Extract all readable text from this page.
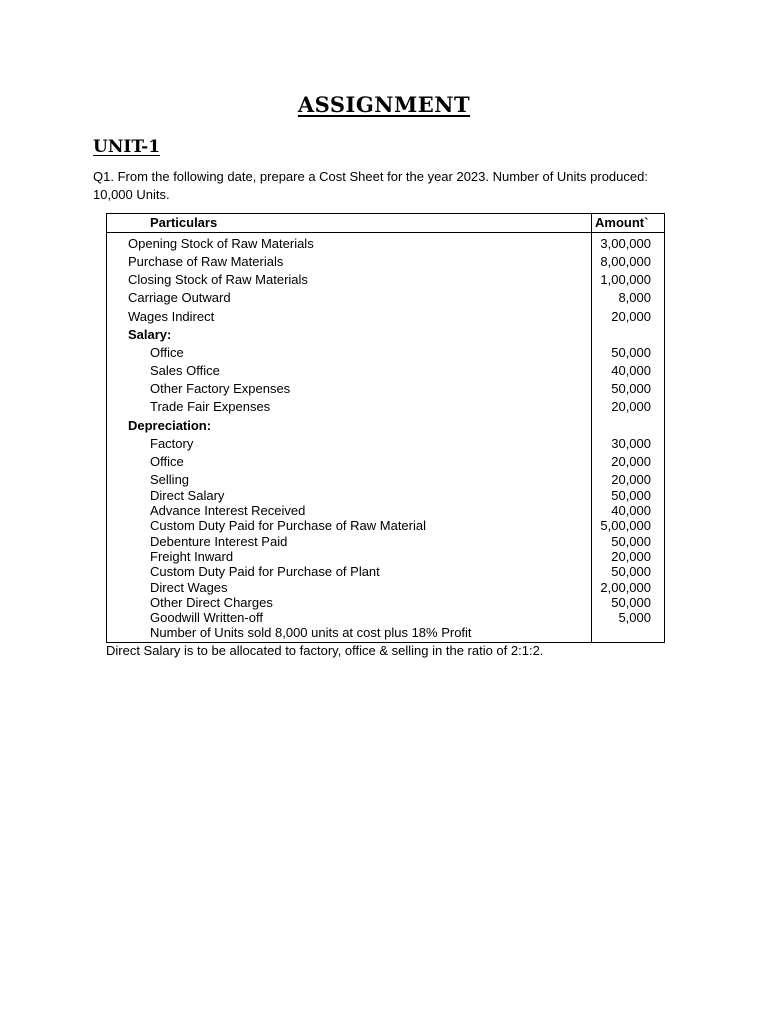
ASSIGNMENT
UNIT-1
Q1. From the following date, prepare a Cost Sheet for the year 2023. Number of Units produced: 10,000 Units.
Particulars	Amount`
Opening Stock of Raw Materials	3,00,000
Purchase of Raw Materials	8,00,000
Closing Stock of Raw Materials	1,00,000
Carriage Outward	8,000
Wages Indirect	20,000
Salary:
Office	50,000
Sales Office	40,000
Other Factory Expenses	50,000
Trade Fair Expenses	20,000
Depreciation:
Factory	30,000
Office	20,000
Selling	20,000
Direct Salary	50,000
Advance Interest Received	40,000
Custom Duty Paid for Purchase of Raw Material	5,00,000
Debenture Interest Paid	50,000
Freight Inward	20,000
Custom Duty Paid for Purchase of Plant	50,000
Direct Wages	2,00,000
Other Direct Charges	50,000
Goodwill Written-off	5,000
Number of Units sold 8,000 units at cost plus 18% Profit
Direct Salary is to be allocated to factory, office & selling in the ratio of 2:1:2.
